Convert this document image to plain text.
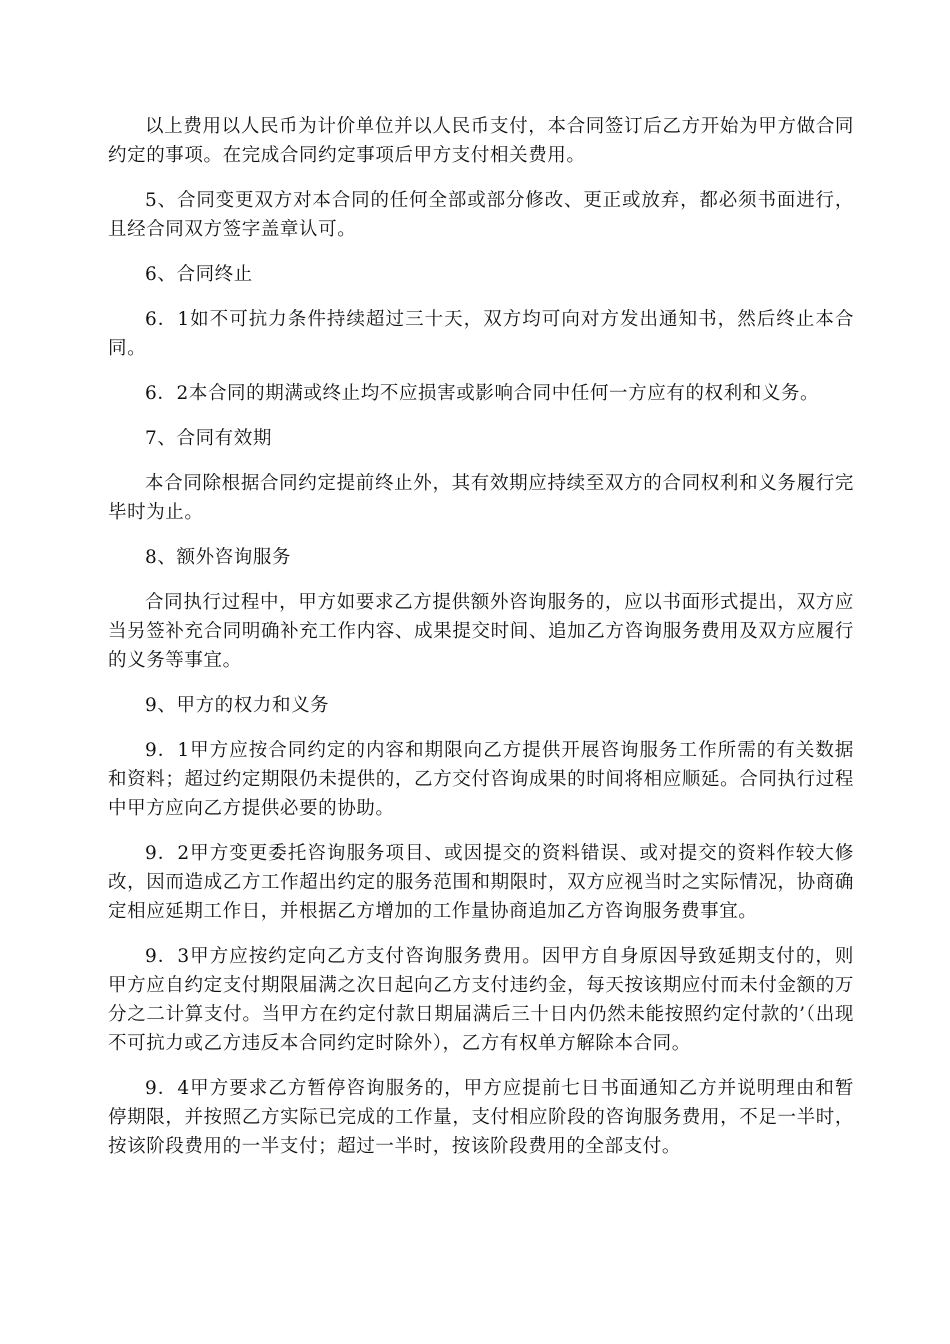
以上费用以人民币为计价单位并以人民币支付，本合同签订后乙方开始为甲方做合同约定的事项。在完成合同约定事项后甲方支付相关费用。

5、合同变更双方对本合同的任何全部或部分修改、更正或放弃，都必须书面进行，且经合同双方签字盖章认可。

6、合同终止

6．1如不可抗力条件持续超过三十天，双方均可向对方发出通知书，然后终止本合同。

6．2本合同的期满或终止均不应损害或影响合同中任何一方应有的权利和义务。

7、合同有效期

本合同除根据合同约定提前终止外，其有效期应持续至双方的合同权利和义务履行完毕时为止。

8、额外咨询服务

合同执行过程中，甲方如要求乙方提供额外咨询服务的，应以书面形式提出，双方应当另签补充合同明确补充工作内容、成果提交时间、追加乙方咨询服务费用及双方应履行的义务等事宜。

9、甲方的权力和义务

9．1甲方应按合同约定的内容和期限向乙方提供开展咨询服务工作所需的有关数据和资料；超过约定期限仍未提供的，乙方交付咨询成果的时间将相应顺延。合同执行过程中甲方应向乙方提供必要的协助。

9．2甲方变更委托咨询服务项目、或因提交的资料错误、或对提交的资料作较大修改，因而造成乙方工作超出约定的服务范围和期限时，双方应视当时之实际情况，协商确定相应延期工作日，并根据乙方增加的工作量协商追加乙方咨询服务费事宜。

9．3甲方应按约定向乙方支付咨询服务费用。因甲方自身原因导致延期支付的，则甲方应自约定支付期限届满之次日起向乙方支付违约金，每天按该期应付而未付金额的万分之二计算支付。当甲方在约定付款日期届满后三十日内仍然未能按照约定付款的’（出现不可抗力或乙方违反本合同约定时除外），乙方有权单方解除本合同。

9．4甲方要求乙方暂停咨询服务的，甲方应提前七日书面通知乙方并说明理由和暂停期限，并按照乙方实际已完成的工作量，支付相应阶段的咨询服务费用，不足一半时，按该阶段费用的一半支付；超过一半时，按该阶段费用的全部支付。
